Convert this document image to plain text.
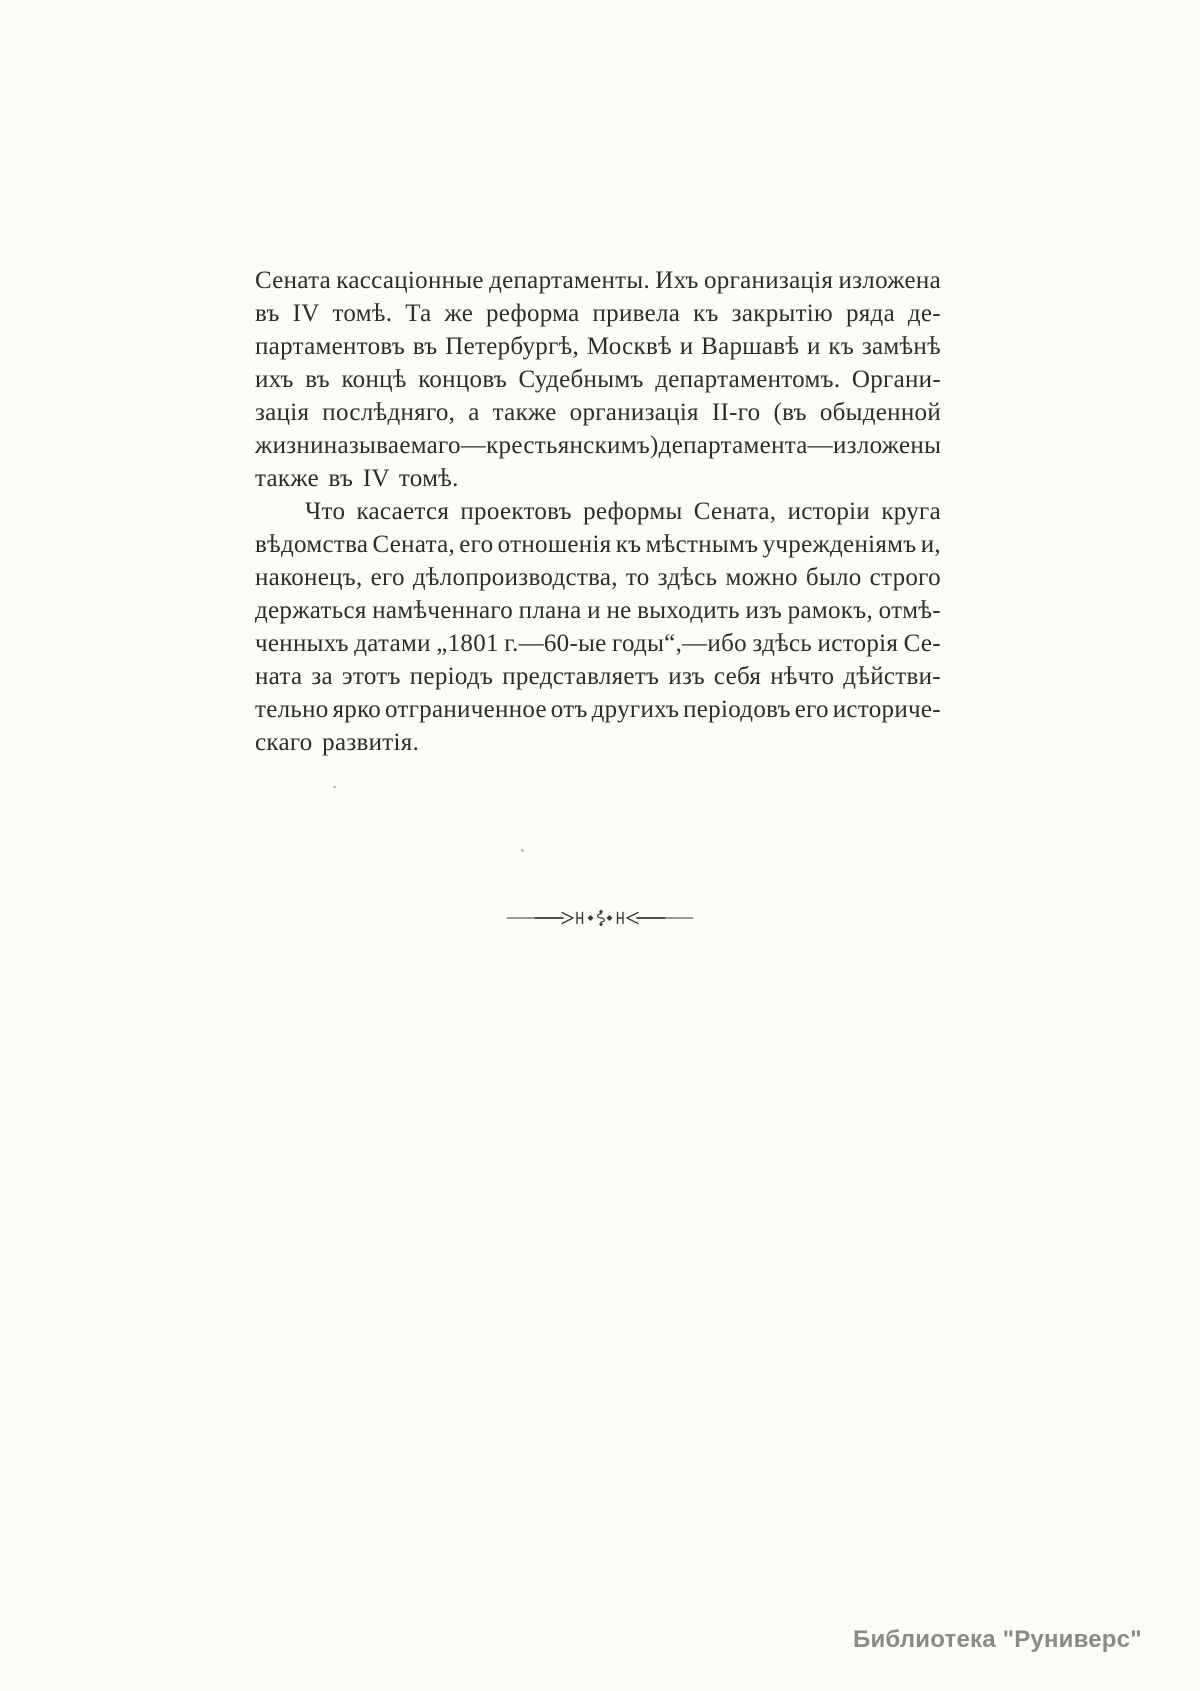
Сената кассаціонные департаменты. Ихъ организація изложена
въ IV томѣ. Та же реформа привела къ закрытію ряда де-
партаментовъ въ Петербургѣ, Москвѣ и Варшавѣ и къ замѣнѣ
ихъ въ концѣ концовъ Судебнымъ департаментомъ. Органи-
зація послѣдняго, а также организація II-го (въ обыденной
жизни называемаго — крестьянскимъ) департамента—изложены
также въ IV томѣ.
Что касается проектовъ реформы Сената, исторіи круга
вѣдомства Сената, его отношенія къ мѣстнымъ учрежденіямъ и,
наконецъ, его дѣлопроизводства, то здѣсь можно было строго
держаться намѣченнаго плана и не выходить изъ рамокъ, отмѣ-
ченныхъ датами „1801 г.—60-ые годы“,—ибо здѣсь исторія Се-
ната за этотъ періодъ представляетъ изъ себя нѣчто дѣйстви-
тельно ярко отграниченное отъ другихъ періодовъ его историче-
скаго развитія.
Библиотека "Руниверс"
